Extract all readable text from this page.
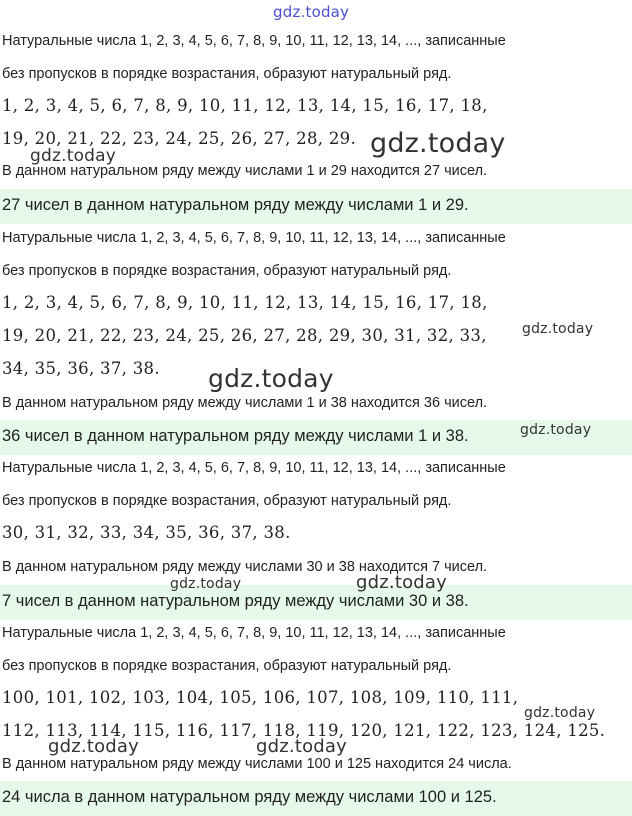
gdz.today
Натуральные числа 1, 2, 3, 4, 5, 6, 7, 8, 9, 10, 11, 12, 13, 14, ..., записанные
без пропусков в порядке возрастания, образуют натуральный ряд.
1, 2, 3, 4, 5, 6, 7, 8, 9, 10, 11, 12, 13, 14, 15, 16, 17, 18,
19, 20, 21, 22, 23, 24, 25, 26, 27, 28, 29.
В данном натуральном ряду между числами 1 и 29 находится 27 чисел.
27 чисел в данном натуральном ряду между числами 1 и 29.
Натуральные числа 1, 2, 3, 4, 5, 6, 7, 8, 9, 10, 11, 12, 13, 14, ..., записанные
без пропусков в порядке возрастания, образуют натуральный ряд.
1, 2, 3, 4, 5, 6, 7, 8, 9, 10, 11, 12, 13, 14, 15, 16, 17, 18,
19, 20, 21, 22, 23, 24, 25, 26, 27, 28, 29, 30, 31, 32, 33,
34, 35, 36, 37, 38.
В данном натуральном ряду между числами 1 и 38 находится 36 чисел.
36 чисел в данном натуральном ряду между числами 1 и 38.
Натуральные числа 1, 2, 3, 4, 5, 6, 7, 8, 9, 10, 11, 12, 13, 14, ..., записанные
без пропусков в порядке возрастания, образуют натуральный ряд.
30, 31, 32, 33, 34, 35, 36, 37, 38.
В данном натуральном ряду между числами 30 и 38 находится 7 чисел.
7 чисел в данном натуральном ряду между числами 30 и 38.
Натуральные числа 1, 2, 3, 4, 5, 6, 7, 8, 9, 10, 11, 12, 13, 14, ..., записанные
без пропусков в порядке возрастания, образуют натуральный ряд.
100, 101, 102, 103, 104, 105, 106, 107, 108, 109, 110, 111,
112, 113, 114, 115, 116, 117, 118, 119, 120, 121, 122, 123, 124, 125.
В данном натуральном ряду между числами 100 и 125 находится 24 числа.
24 числа в данном натуральном ряду между числами 100 и 125.
gdz.today
gdz.today
gdz.today
gdz.today
gdz.today
gdz.today	gdz.today
gdz.today
gdz.today	gdz.today
